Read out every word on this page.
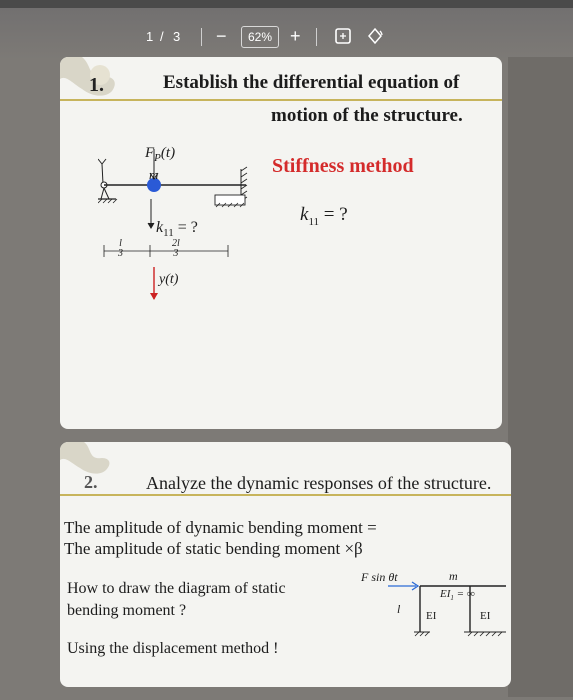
1 / 3 −	62% +
1.	Establish the differential equation of
motion of the structure.
Stiffness method
$k_{11}$ = ?
$F_P(t)$
m
$k_{11}$ = ?
l
3
2l
3
y(t)
2.	Analyze the dynamic responses of the structure.
The amplitude of dynamic bending moment =
The amplitude of static bending moment ×β
How to draw the diagram of static
bending moment ?
Using the displacement method !
F sin θt	m
$EI_1$ = ∞
EI	EI
l
